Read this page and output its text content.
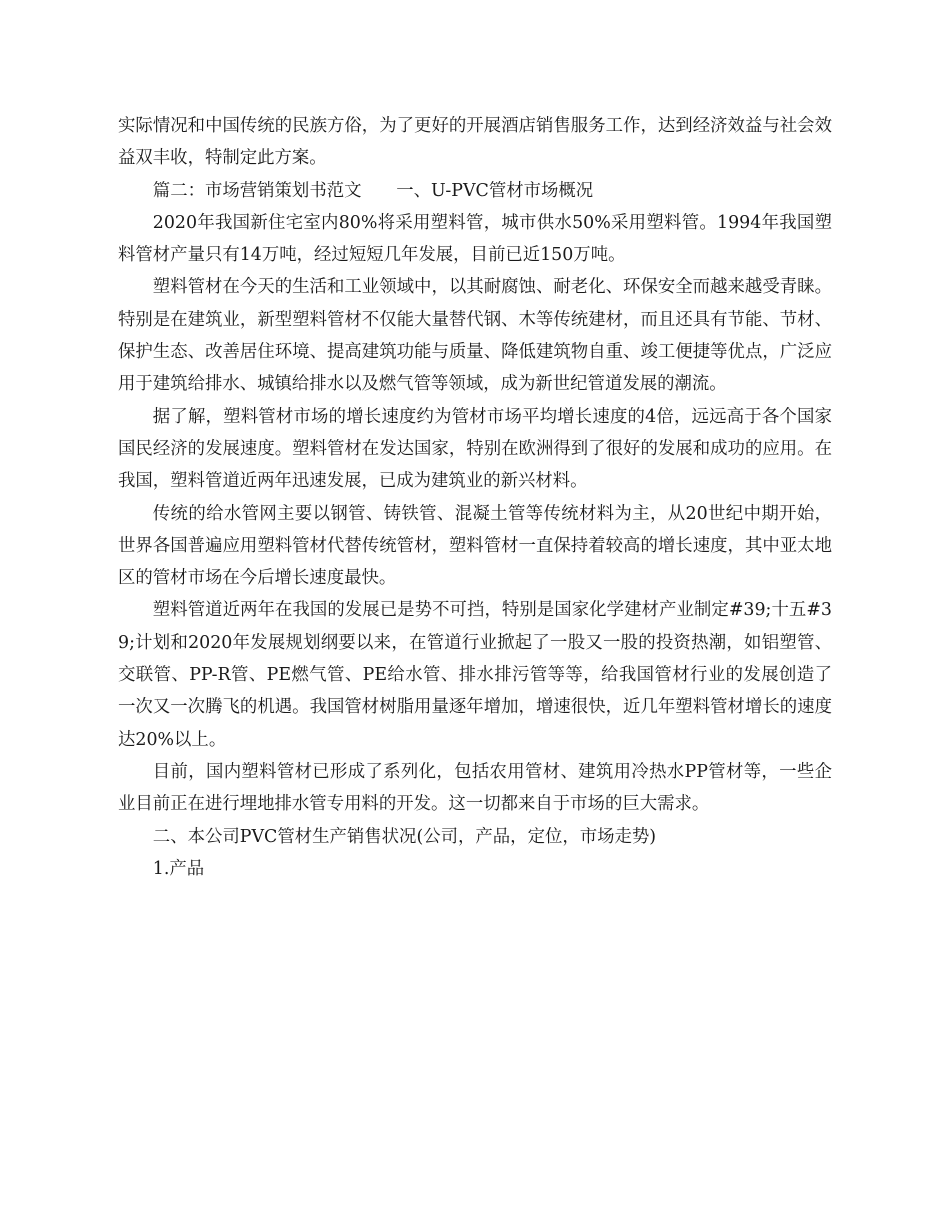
实际情况和中国传统的民族方俗，为了更好的开展酒店销售服务工作，达到经济效益与社会效益双丰收，特制定此方案。

篇二：市场营销策划书范文　　一、U-PVC管材市场概况

2020年我国新住宅室内80%将采用塑料管，城市供水50%采用塑料管。1994年我国塑料管材产量只有14万吨，经过短短几年发展，目前已近150万吨。

塑料管材在今天的生活和工业领域中，以其耐腐蚀、耐老化、环保安全而越来越受青睐。特别是在建筑业，新型塑料管材不仅能大量替代钢、木等传统建材，而且还具有节能、节材、保护生态、改善居住环境、提高建筑功能与质量、降低建筑物自重、竣工便捷等优点，广泛应用于建筑给排水、城镇给排水以及燃气管等领域，成为新世纪管道发展的潮流。

据了解，塑料管材市场的增长速度约为管材市场平均增长速度的4倍，远远高于各个国家国民经济的发展速度。塑料管材在发达国家，特别在欧洲得到了很好的发展和成功的应用。在我国，塑料管道近两年迅速发展，已成为建筑业的新兴材料。

传统的给水管网主要以钢管、铸铁管、混凝土管等传统材料为主，从20世纪中期开始，世界各国普遍应用塑料管材代替传统管材，塑料管材一直保持着较高的增长速度，其中亚太地区的管材市场在今后增长速度最快。

塑料管道近两年在我国的发展已是势不可挡，特别是国家化学建材产业制定#39;十五#39;计划和2020年发展规划纲要以来，在管道行业掀起了一股又一股的投资热潮，如铝塑管、交联管、PP-R管、PE燃气管、PE给水管、排水排污管等等，给我国管材行业的发展创造了一次又一次腾飞的机遇。我国管材树脂用量逐年增加，增速很快，近几年塑料管材增长的速度达20%以上。

目前，国内塑料管材已形成了系列化，包括农用管材、建筑用冷热水PP管材等，一些企业目前正在进行埋地排水管专用料的开发。这一切都来自于市场的巨大需求。

二、本公司PVC管材生产销售状况(公司，产品，定位，市场走势)

1.产品
